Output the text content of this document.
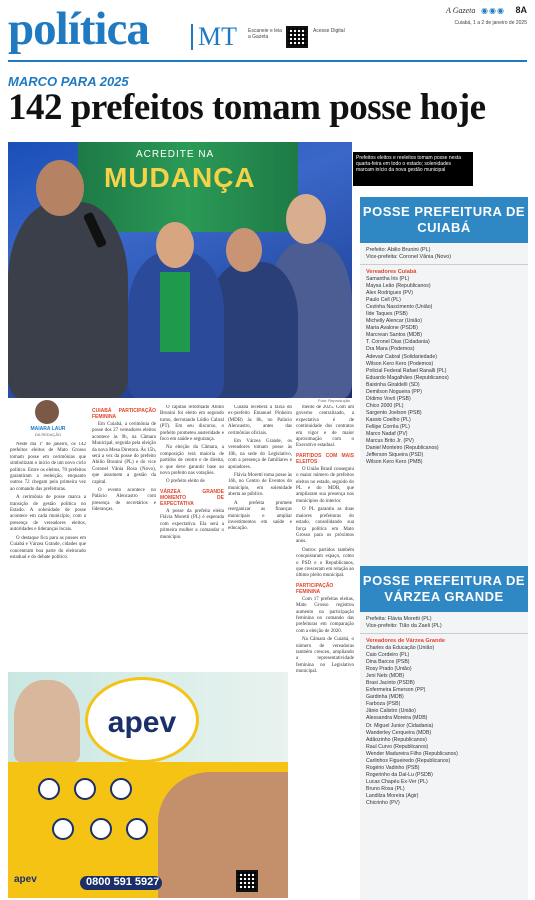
política MT Escaneie e leia a Gazeta
Acesse Digital
A Gazeta ◉◉◉ 8A
Cuiabá, 1 a 2 de janeiro de 2025
MARCO PARA 2025
142 prefeitos tomam posse hoje
ACREDITE NA
MUDANÇA
Foto: Reprodução
Prefeitos eleitos e reeleitos tomam posse nesta quarta-feira em todo o estado; solenidades marcam início da nova gestão municipal
MAIARA LAUR
DA REDAÇÃO

Neste dia 1º de janeiro, os 142 prefeitos eleitos de Mato Grosso tomam posse em cerimônias que simbolizam o início de um novo ciclo político. Entre os eleitos, 70 prefeitos garantiram a reeleição, enquanto outros 72 chegam pela primeira vez ao comando das prefeituras.

A cerimônia de posse marca a transição de gestão política no Estado. A solenidade de posse acontece em cada município, com a presença de vereadores eleitos, autoridades e lideranças locais.

O destaque fica para as posses em Cuiabá e Várzea Grande, cidades que concentram boa parte do eleitorado estadual e do debate político.

CUIABÁ PARTICIPAÇÃO FEMININA

Em Cuiabá, a cerimônia de posse dos 27 vereadores eleitos acontece às 9h, na Câmara Municipal, seguida pela eleição da nova Mesa Diretora. Às 15h, será a vez da posse do prefeito Abilio Brunini (PL) e do vice Coronel Vânia Rosa (Novo), que assumem a gestão da capital.

O evento acontece no Palácio Alencastro com presença de secretários e lideranças.

O capitão reformado Abilio Brunini foi eleito em segundo turno, derrotando Lúdio Cabral (PT). Em seu discurso, o prefeito prometeu austeridade e foco em saúde e segurança.

Na eleição da Câmara, a composição terá maioria de partidos de centro e de direita, o que deve garantir base ao novo prefeito nas votações.

O prefeito eleito de

VÁRZEA GRANDE MOMENTO DE EXPECTATIVA

A posse da prefeita eleita Flávia Moretti (PL) é esperada com expectativa. Ela será a primeira mulher a comandar o município.

Cuiabá receberá a faixa do ex-prefeito Emanuel Pinheiro (MDB) às 8h, no Palácio Alencastro, antes das cerimônias oficiais.

Em Várzea Grande, os vereadores tomam posse às 10h, na sede do Legislativo, com a presença de familiares e apoiadores.

Flávia Moretti toma posse às 16h, no Centro de Eventos do município, em solenidade aberta ao público.

A prefeita promete reorganizar as finanças municipais e ampliar investimentos em saúde e educação.

mento de 2025. Com um governo centralizado, a expectativa é de continuidade dos contratos em vigor e de maior aproximação com o Executivo estadual.

PARTIDOS COM MAIS ELEITOS

O União Brasil conseguiu o maior número de prefeitos eleitos no estado, seguido do PL e do MDB, que ampliaram sua presença nos municípios do interior.

O PL garantiu as duas maiores prefeituras do estado, consolidando sua força política em Mato Grosso para os próximos anos.

Outros partidos também conquistaram espaço, como o PSD e o Republicanos, que cresceram em relação ao último pleito municipal.

PARTICIPAÇÃO FEMININA

Com 17 prefeitas eleitas, Mato Grosso registrou aumento na participação feminina no comando das prefeituras em comparação com a eleição de 2020.

Na Câmara de Cuiabá, o número de vereadoras também cresceu, ampliando a representatividade feminina no Legislativo municipal.

apev
apev	0800 591 5927
POSSE PREFEITURA DE CUIABÁ
Prefeito: Abilio Brunini (PL)
Vice-prefeita: Coronel Vânia (Novo)
Vereadores Cuiabá
Samantha Iris (PL)
Maysa Leão (Republicanos)
Alex Rodrigues (PV)
Paulo Cell (PL)
Cezinha Nascimento (União)
Ilde Taques (PSB)
Michelly Alencar (União)
Maria Avalone (PSDB)
Marcrean Santos (MDB)
T. Coronel Dias (Cidadania)
Dra Mara (Podemos)
Adevair Cabral (Solidariedade)
Wilson Kero Kero (Podemos)
Policial Federal Rafael Ranalli (PL)
Eduardo Magalhães (Republicanos)
Baixinha Giraldelli (SD)
Demilson Nogueira (PP)
Dídimo Vovô (PSB)
Chico 2000 (PL)
Sargento Joelson (PSB)
Kassio Coelho (PL)
Fellipe Corrêa (PL)
Marco Nadaf (PV)
Marcus Brito Jr. (PV)
Daniel Monteiro (Republicanos)
Jefferson Siqueira (PSD)
Wilson Kero Kero (PMB)
POSSE PREFEITURA DE VÁRZEA GRANDE
Prefeita: Flávia Moretti (PL)
Vice-prefeito: Tião da Zaeli (PL)
Vereadores de Várzea Grande
Charles da Educação (União)
Caio Cordeiro (PL)
Dina Barcos (PSB)
Rosy Prado (União)
Jeni Nets (MDB)
Brasi Jacinto (PSDB)
Enfermeira Emerson (PP)
Gardinha (MDB)
Farboza (PSB)
Jânio Calistro (União)
Alessandra Moreira (MDB)
Dr. Miguel Junior (Cidadania)
Wanderley Cerqueira (MDB)
Adãozinho (Republicanos)
Raul Curvo (Republicanos)
Wender Madureira Filho (Republicanos)
Carlinhos Figueiredo (Republicanos)
Rogério Vadinho (PSB)
Rogerinho da Dal-Lu (PSDB)
Lucas Chapéu Ex-Ver (PL)
Bruno Rosa (PL)
Landilza Moreira (Agir)
Chicrinho (PV)
